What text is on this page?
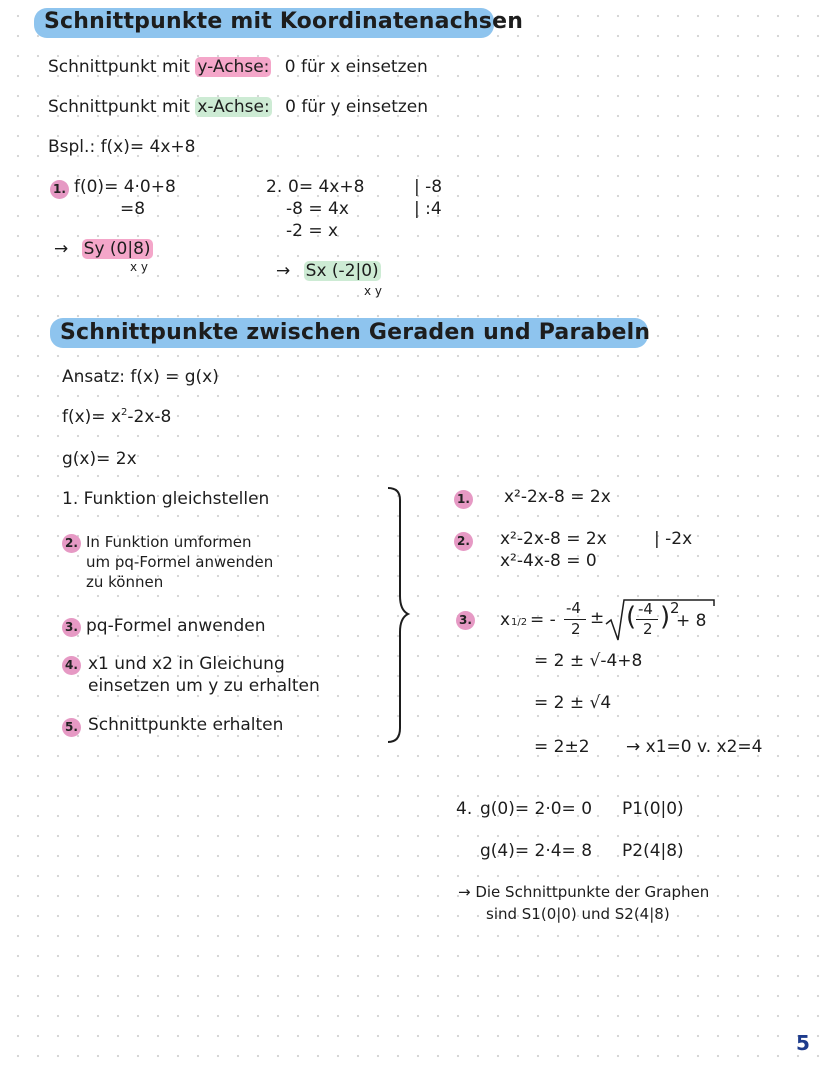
Schnittpunkte mit Koordinatenachsen
Schnittpunkt mit y-Achse: 0 für x einsetzen
Schnittpunkt mit x-Achse: 0 für y einsetzen
Bspl.: f(x)= 4x+8
1. f(0)= 4·0+8
=8
→ Sy (0|8)
x y
2. 0= 4x+8	| -8
-8 = 4x	| :4
-2 = x
→ Sx (-2|0)
x y
Schnittpunkte zwischen Geraden und Parabeln
Ansatz: f(x) = g(x)
$f(x)= x^2-2x-8$
g(x)= 2x
1. Funktion gleichstellen
2. In Funktion umformen
um pq-Formel anwenden
zu können
3. pq-Formel anwenden
4. x1 und x2 in Gleichung
einsetzen um y zu erhalten
5. Schnittpunkte erhalten
1. x²-2x-8 = 2x
2. x²-2x-8 = 2x	| -2x
x²-4x-8 = 0
3. x 1/2 = -
-4
2
± ( -4
2 ) 2
+ 8
= 2 ± √-4+8
= 2 ± √4
= 2±2 → x1=0 v. x2=4
4. g(0)= 2·0= 0 P1(0|0)
g(4)= 2·4= 8 P2(4|8)
→ Die Schnittpunkte der Graphen
sind S1(0|0) und S2(4|8)
5
